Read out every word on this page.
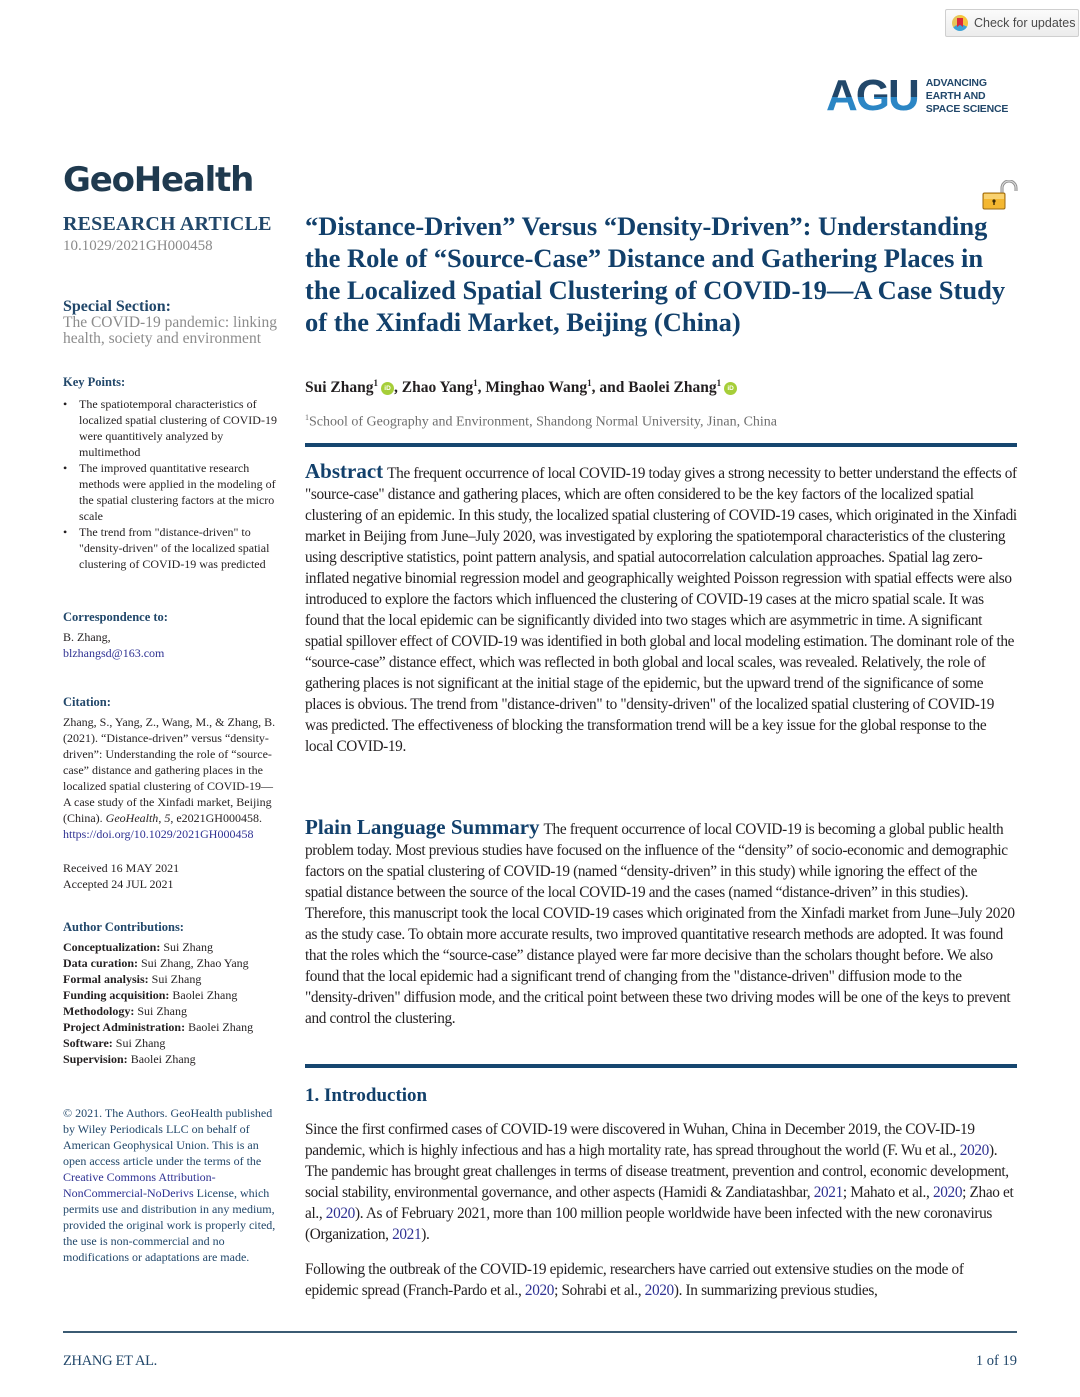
Check for updates
AGU ADVANCING
EARTH AND
SPACE SCIENCE
GeoHealth
RESEARCH ARTICLE
10.1029/2021GH000458
Special Section:
The COVID-19 pandemic: linking health, society and environment
Key Points:
• The spatiotemporal characteristics of localized spatial clustering of COVID-19 were quantitively analyzed by multimethod
• The improved quantitative research methods were applied in the modeling of the spatial clustering factors at the micro scale
• The trend from "distance-driven" to "density-driven" of the localized spatial clustering of COVID-19 was predicted
Correspondence to:
B. Zhang,
blzhangsd@163.com
Citation:
Zhang, S., Yang, Z., Wang, M., & Zhang, B. (2021). “Distance-driven” versus “density-driven”: Understanding the role of “source-case” distance and gathering places in the localized spatial clustering of COVID-19—A case study of the Xinfadi market, Beijing (China). GeoHealth, 5, e2021GH000458. https://doi.org/10.1029/2021GH000458
Received 16 MAY 2021
Accepted 24 JUL 2021
Author Contributions:
Conceptualization: Sui Zhang
Data curation: Sui Zhang, Zhao Yang
Formal analysis: Sui Zhang
Funding acquisition: Baolei Zhang
Methodology: Sui Zhang
Project Administration: Baolei Zhang
Software: Sui Zhang
Supervision: Baolei Zhang
© 2021. The Authors. GeoHealth published by Wiley Periodicals LLC on behalf of American Geophysical Union. This is an open access article under the terms of the Creative Commons Attribution-NonCommercial-NoDerivs License, which permits use and distribution in any medium, provided the original work is properly cited, the use is non-commercial and no modifications or adaptations are made.
“Distance-Driven” Versus “Density-Driven”: Understanding the Role of “Source-Case” Distance and Gathering Places in the Localized Spatial Clustering of COVID-19—A Case Study of the Xinfadi Market, Beijing (China)
Sui Zhang$^1$iD , Zhao Yang$^1$, Minghao Wang$^1$, and Baolei Zhang$^1$iD
$^1$School of Geography and Environment, Shandong Normal University, Jinan, China

Abstract The frequent occurrence of local COVID-19 today gives a strong necessity to better understand the effects of "source-case" distance and gathering places, which are often considered to be the key factors of the localized spatial clustering of an epidemic. In this study, the localized spatial clustering of COVID-19 cases, which originated in the Xinfadi market in Beijing from June–July 2020, was investigated by exploring the spatiotemporal characteristics of the clustering using descriptive statistics, point pattern analysis, and spatial autocorrelation calculation approaches. Spatial lag zero-inflated negative binomial regression model and geographically weighted Poisson regression with spatial effects were also introduced to explore the factors which influenced the clustering of COVID-19 cases at the micro spatial scale. It was found that the local epidemic can be significantly divided into two stages which are asymmetric in time. A significant spatial spillover effect of COVID-19 was identified in both global and local modeling estimation. The dominant role of the “source-case” distance effect, which was reflected in both global and local scales, was revealed. Relatively, the role of gathering places is not significant at the initial stage of the epidemic, but the upward trend of the significance of some places is obvious. The trend from "distance-driven" to "density-driven" of the localized spatial clustering of COVID-19 was predicted. The effectiveness of blocking the transformation trend will be a key issue for the global response to the local COVID-19.

Plain Language Summary The frequent occurrence of local COVID-19 is becoming a global public health problem today. Most previous studies have focused on the influence of the “density” of socio-economic and demographic factors on the spatial clustering of COVID-19 (named “density-driven” in this study) while ignoring the effect of the spatial distance between the source of the local COVID-19 and the cases (named “distance-driven” in this studies). Therefore, this manuscript took the local COVID-19 cases which originated from the Xinfadi market from June–July 2020 as the study case. To obtain more accurate results, two improved quantitative research methods are adopted. It was found that the roles which the “source-case” distance played were far more decisive than the scholars thought before. We also found that the local epidemic had a significant trend of changing from the "distance-driven" diffusion mode to the "density-driven" diffusion mode, and the critical point between these two driving modes will be one of the keys to prevent and control the clustering.

1. Introduction

Since the first confirmed cases of COVID-19 were discovered in Wuhan, China in December 2019, the COV-ID-19 pandemic, which is highly infectious and has a high mortality rate, has spread throughout the world (F. Wu et al., 2020). The pandemic has brought great challenges in terms of disease treatment, prevention and control, economic development, social stability, environmental governance, and other aspects (Hamidi & Zandiatashbar, 2021; Mahato et al., 2020; Zhao et al., 2020). As of February 2021, more than 100 million people worldwide have been infected with the new coronavirus (Organization, 2021).

Following the outbreak of the COVID-19 epidemic, researchers have carried out extensive studies on the mode of epidemic spread (Franch-Pardo et al., 2020; Sohrabi et al., 2020). In summarizing previous studies,

ZHANG ET AL.	1 of 19
